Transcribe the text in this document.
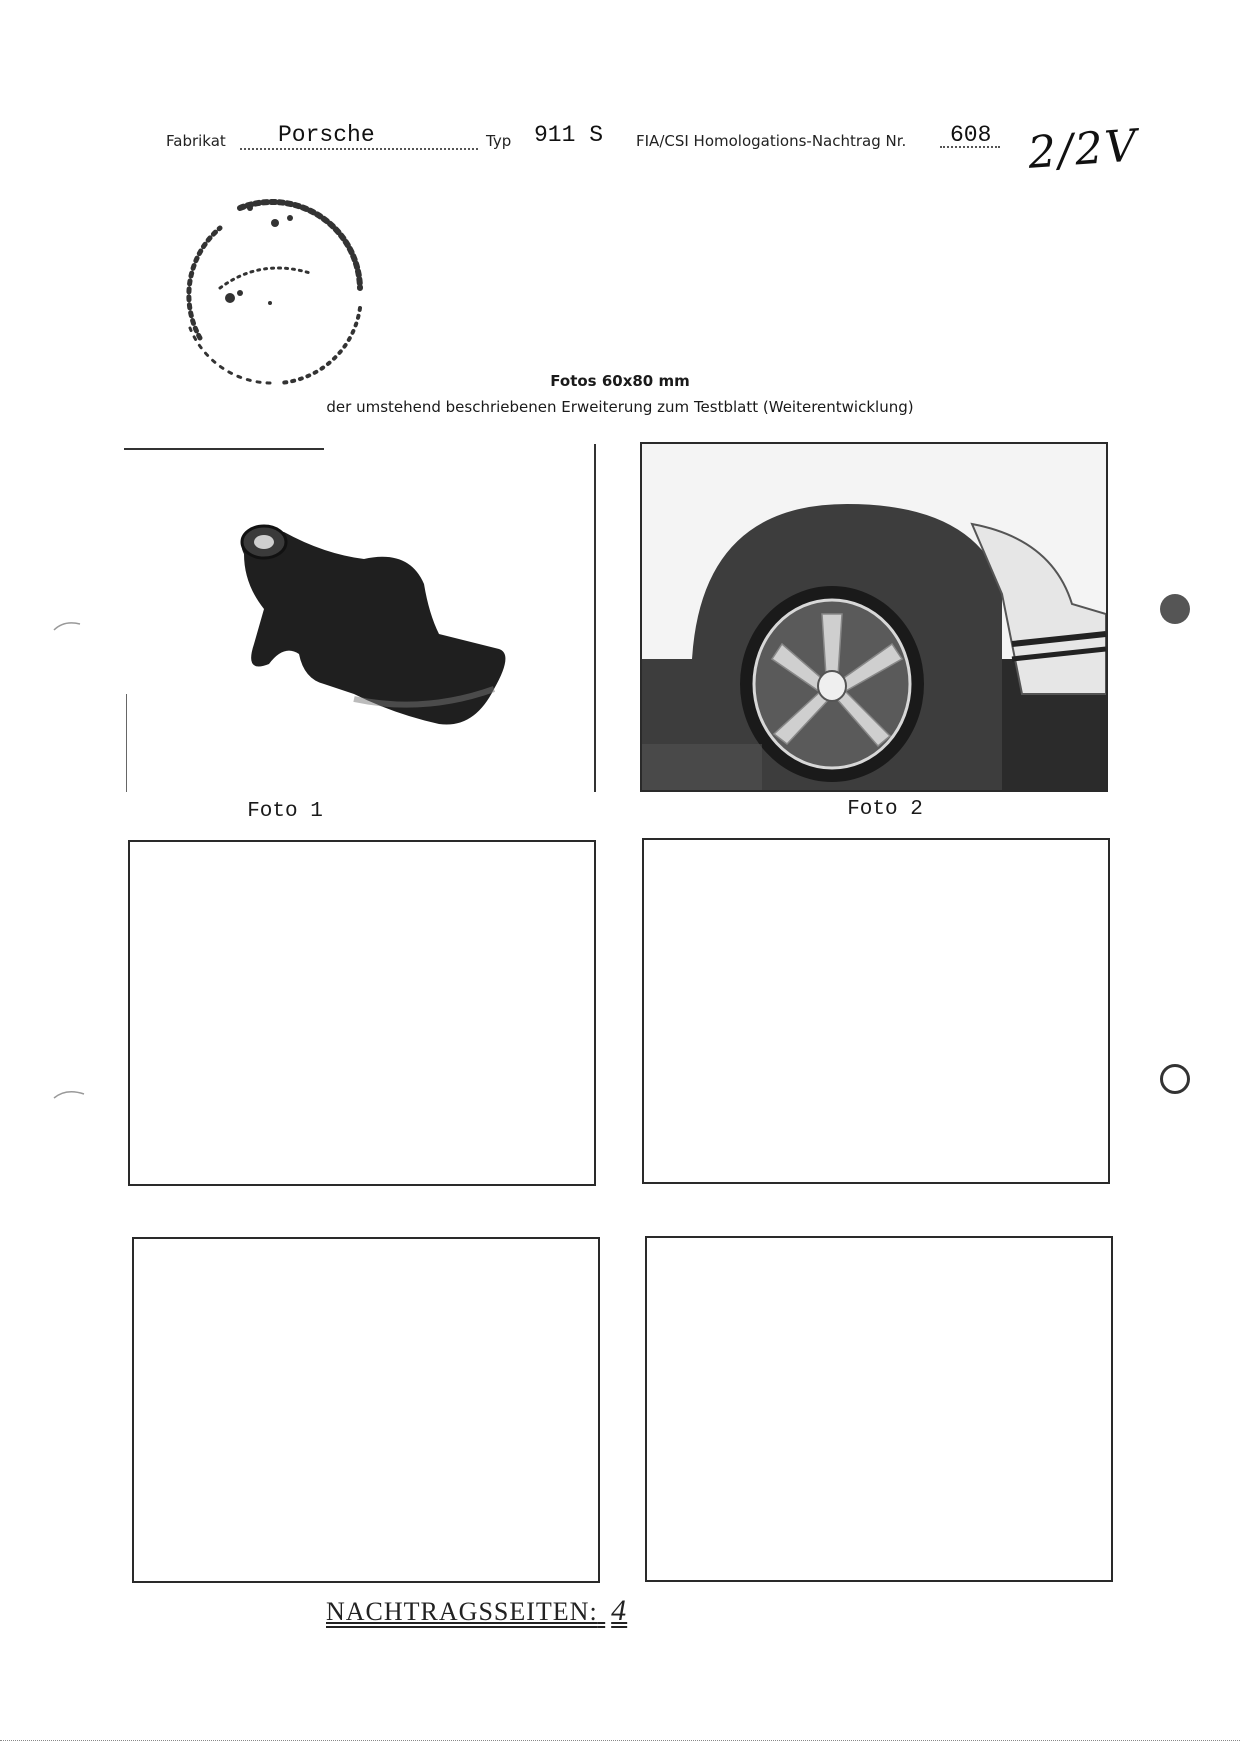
Fabrikat Porsche	Typ 911 S FIA/CSI Homologations-Nachtrag Nr. 608 2/2V
Fotos 60x80 mm
der umstehend beschriebenen Erweiterung zum Testblatt (Weiterentwicklung)
Foto 1	Foto 2
NACHTRAGSSEITEN: 4
